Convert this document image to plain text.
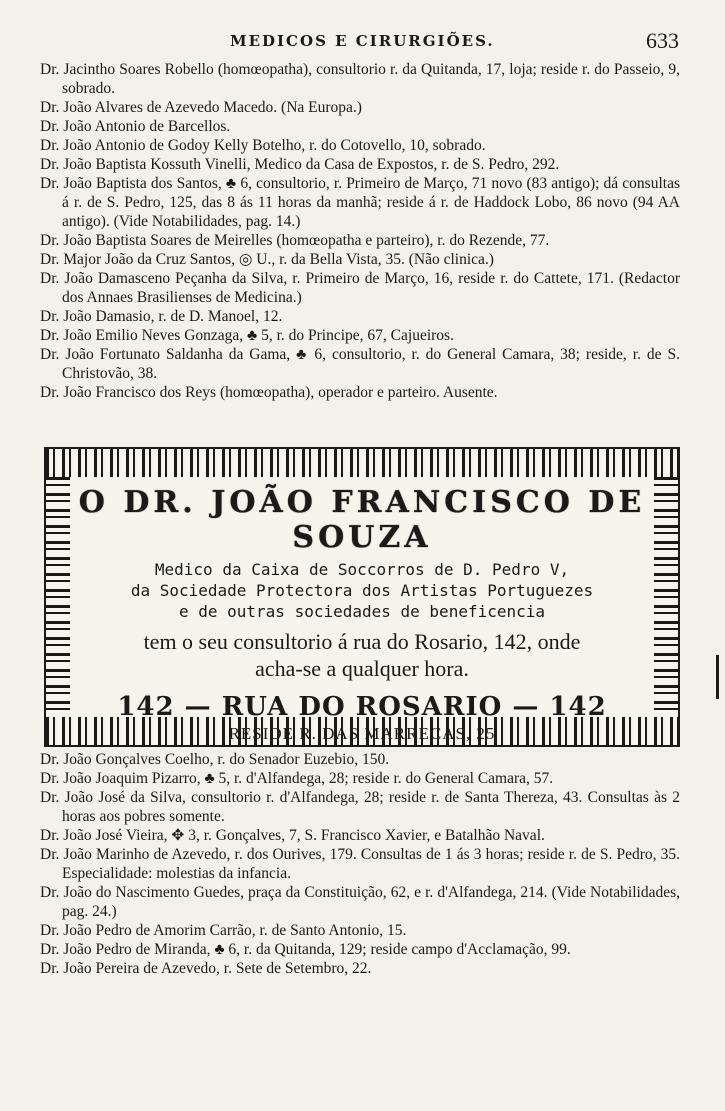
MEDICOS E CIRURGIÕES.	633

Dr. Jacintho Soares Robello (homœopatha), consultorio r. da Quitanda, 17, loja; reside r. do Passeio, 9, sobrado.

Dr. João Alvares de Azevedo Macedo. (Na Europa.)

Dr. João Antonio de Barcellos.

Dr. João Antonio de Godoy Kelly Botelho, r. do Cotovello, 10, sobrado.

Dr. João Baptista Kossuth Vinelli, Medico da Casa de Expostos, r. de S. Pedro, 292.

Dr. João Baptista dos Santos, ♣ 6, consultorio, r. Primeiro de Março, 71 novo (83 antigo); dá consultas á r. de S. Pedro, 125, das 8 ás 11 horas da manhã; reside á r. de Haddock Lobo, 86 novo (94 AA antigo). (Vide Notabilidades, pag. 14.)

Dr. João Baptista Soares de Meirelles (homœopatha e parteiro), r. do Rezende, 77.

Dr. Major João da Cruz Santos, ◎ U., r. da Bella Vista, 35. (Não clinica.)

Dr. João Damasceno Peçanha da Silva, r. Primeiro de Março, 16, reside r. do Cattete, 171. (Redactor dos Annaes Brasilienses de Medicina.)

Dr. João Damasio, r. de D. Manoel, 12.

Dr. João Emilio Neves Gonzaga, ♣ 5, r. do Principe, 67, Cajueiros.

Dr. João Fortunato Saldanha da Gama, ♣ 6, consultorio, r. do General Camara, 38; reside, r. de S. Christovão, 38.

Dr. João Francisco dos Reys (homœopatha), operador e parteiro. Ausente.

O DR. JOÃO FRANCISCO DE SOUZA

Medico da Caixa de Soccorros de D. Pedro V,

da Sociedade Protectora dos Artistas Portuguezes

e de outras sociedades de beneficencia

tem o seu consultorio á rua do Rosario, 142, onde

acha-se a qualquer hora.

142 — RUA DO ROSARIO — 142

RESIDE R. DAS MARRECAS, 25

Dr. João Gonçalves Coelho, r. do Senador Euzebio, 150.

Dr. João Joaquim Pizarro, ♣ 5, r. d'Alfandega, 28; reside r. do General Camara, 57.

Dr. João José da Silva, consultorio r. d'Alfandega, 28; reside r. de Santa Thereza, 43. Consultas às 2 horas aos pobres somente.

Dr. João José Vieira, ✥ 3, r. Gonçalves, 7, S. Francisco Xavier, e Batalhão Naval.

Dr. João Marinho de Azevedo, r. dos Ourives, 179. Consultas de 1 ás 3 horas; reside r. de S. Pedro, 35. Especialidade: molestias da infancia.

Dr. João do Nascimento Guedes, praça da Constituição, 62, e r. d'Alfandega, 214. (Vide Notabilidades, pag. 24.)

Dr. João Pedro de Amorim Carrão, r. de Santo Antonio, 15.

Dr. João Pedro de Miranda, ♣ 6, r. da Quitanda, 129; reside campo d'Acclamação, 99.

Dr. João Pereira de Azevedo, r. Sete de Setembro, 22.
